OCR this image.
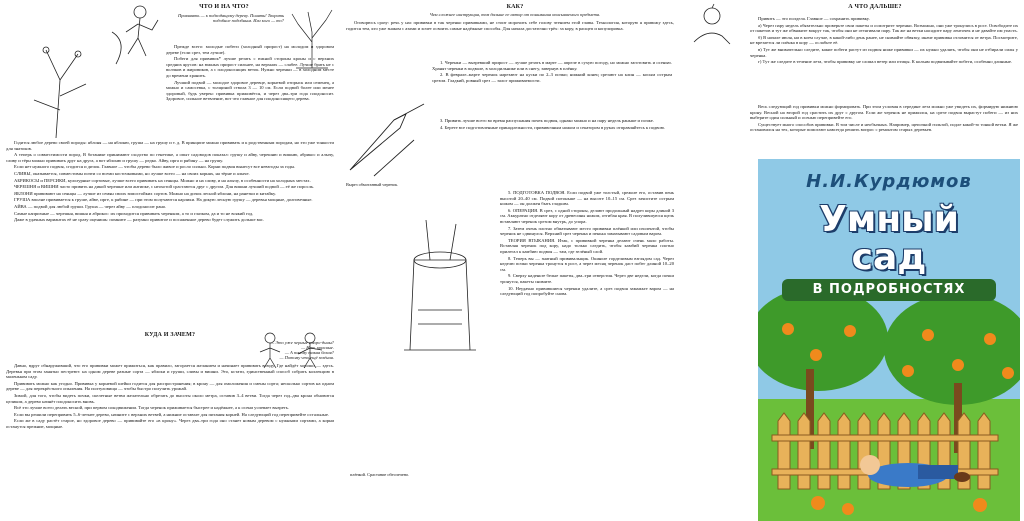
ЧТО И НА ЧТО?
Прививать — к подходящему дереву. Понять! Творить подобное подобным. Или кого — то?

Прежде всего: молодые побеги (холодный прирост) на молодом и здоровом дереве (если срез, тем лучше).

Побеги для прививок* лучше резать с южной стороны кроны и с верхних средних ярусов: на южных прирост сильнее, на верхних — слабее. Лучше брать не с волчков и жировиков, а с плодоносящих веток. Нужно черенки — в холодном месте до времени хранить.

Лучший подвой — молодое здоровое деревце, корневой отпрыск или семенец, а можно и самосевка, с толщиной ствола 3 — 10 см. Если подвой более или менее здоровый, будь уверен: прививка приживётся, и через два–три года плодоносит. Здоровое, сильное ветвление, вот что главное для плодоносящего дерева.

Годится любое дерево своей породы: яблоня — на яблоню, груша — на грушу и т. д. В принципе можно прививать и к родственным породам, но это уже тонкости для знатоков.

А теперь о совместимости пород. В ботанике принимают сходство по генетике, а опыт садоводов показал: грушу и айву, черешню и вишню, абрикос и алычу, сливу и тёрн можно прививать друг на друга, а вот яблоню и грушу — редко. Айву, ирга и рябину — на грушу.

Если нет нужного подвоя, сгодится и дичок. Главное — чтобы дерево было живое и росло сильно. Корни подвоя вынесут все невзгоды за годы.

СЛИВЫ, оказывается, совместимы почти со всеми косточковыми, но лучше всего — на своих корнях, на тёрне и алыче.

АБРИКОСЫ и ПЕРСИКИ, культурные сортовые, лучше всего прививать на сеянцы. Можно и на сливу, и на алычу, в особенности на холодных местах.

ЧЕРЕШНЯ и ВИШНИ часто привить на дикой черешне или антипке, с неохотой срастаются друг с другом. Для вишни лучший подвой — её же поросль.

ЯБЛОНИ прививают на сеянцы — лучше из семян своих зимостойких сортов. Можно на дичок лесной яблони, на ранетки и китайку.

ГРУША вполне прививается к груше, айве, иргe, к рябине — при этом получаются карлики. На дикую лесную грушу — деревья мощные, долговечные.

АЙВА — подвой для любой груши. Груша — через айву — плодоносит рано.

Самые капризные — черешня, вишня и абрикос: их приходится прививать черенком, а то и глазком, да и то не всякий год.

Даже в удачных вариантах её не сразу оценишь: помните — разумно привитое и посаженное дерево будет служить дольше вас.

КУДА И ЗАЧЕМ?
— Это уже черные сморо-дины?
— Нет, красные.
— А почему такая белая?
— Потому что ещё зелёная.

Давно, вдруг обнаруживший, что его прививки может прижиться, как правило, загорается желанием и начинает прививать всюду. Где найдёт хорошо — здесь. Деревья при этом занятно пестреют: на одном дереве разные сорта — яблоки и груши, сливы и вишни. Это, кстати, единственный способ собрать коллекцию в маленьком саду.

Прививать можно как угодно. Прививка у корневой шейки годится для распространения; в крону — для омоложения и смены сорта; несколько сортов на одном дереве — для перекрёстного опыления. На полтуловища — чтобы быстро получить урожай.

Зимой, для того, чтобы видеть почки, скелетные ветви желательно обрезать до высоты около метра, оставив 3–4 ветви. Тогда через год–два крона обновится целиком, а дерево начнёт плодоносить вновь.

Всё это лучше всего делать весной, при первом сокодвижении. Тогда черенок приживается быстрее и надёжнее, а к осени успевает вызреть.

Если вы решили перепривить 5–6-летнее дерево, начните с верхних ветвей, а нижние оставьте для питания корней. На следующий год перепривейте остальные.

Если же в саду растёт старое, но здоровое дерево — прививайте его «в крону». Через два–три года оно станет новым деревом с нужными сортами, а корни останутся прежние, мощные.

КАК?
Чем сложнее инструкция, тем дальше ее автор от понимания описываемого предмета.

Оговорюсь сразу: речь у нас прививки в так черенко прививками, не стоит морочить себе голову чтением этой главы. Технология, которую я привожу здесь, годится тем, кто уже знаком с азами и хочет освоить самые надёжные способы. Для начала достаточно трёх: за кору, в расщеп и копулировка.

1. Черенки — вызревший прирост — лучше резать в марте — апреле в сухую погоду, но можно заготовить и осенью. Хранят черенки в подвале, в холодильнике или в снегу, завернув в плёнку.

2. В феврале–марте черенок нарезают на куски по 2–3 почки; нижний конец срезают на клин — косым острым срезом. Гладкий, ровный срез — залог приживаемости.

Вырез обмотанный черенок.

3. Привить лучше всего во время распускания почек подвоя, однако можно и на пару недель раньше и позже.

4. Берете все подготовленные принадлежности, прививочным ножом и секатором в руках отправляйтесь к подвою.

плёнкой. Срастание обеспечено.

5. ПОДГОТОВКА ПОДВОЯ. Если подвой уже толстый, срежьте его, оставив пень высотой 20–40 см. Подвой потоньше — на высоте 10–15 см. Срез зачистите острым ножом — он должен быть гладким.

6. ОПЕРАЦИЯ. В срез, с одной стороны, делают продольный надрез коры длиной 3 см. Аккуратно отделяют кору от древесины ножом, отгибая края. В получившуюся щель вставляют черенок срезом внутрь, до упора.

7. Затем очень плотно обматывают место прививки плёнкой или изолентой, чтобы черенок не сдвинулся. Верхний срез черенка и пенька замазывают садовым варом.

ТЕОРИЯ ВТЫКАНИЯ. Итак, с прививкой черенка делают очень мало работы. Вставляя черенок под кору, надо только следить, чтобы камбий черенка плотно прилегал к камбию подвоя — там, где зелёный слой.

8. Теперь вы — знатный прививальщик. Окиньте горделивым взглядом сад. Через неделю почки черенка тронутся в рост, а через месяц черенок даст побег длиной 10–20 см.

9. Сверху наденьте белые пакеты, два–три отверстия. Через две недели, когда почки тронутся, пакеты снимите.

10. Неудачно привившиеся черенки удалите, а срез подвоя замажьте варом — на следующий год попробуйте снова.

А ЧТО ДАЛЬШЕ?

Привить — это полдела. Главное — сохранить прививку.

а) Через пару недель обязательно проверьте свои пакеты и осмотрите черенки. Возможно, они уже тронулись в рост. Освободите их от пакетов и тут же обвяжите вокруг так, чтобы они не оттягивали пару. Так же на ветки насадите пару ленточек и не давайте им упасть.

б) В начале июля, ни в коем случае, в какой-либо день ранее, не снимайте обвязку, иначе прививка отломится от ветра. Посмотрите, не врезается ли плёнка в кору — ослабьте её.

в) Тут же внимательно следите, какие побеги растут из подвоя ниже прививки — их нужно удалять, чтобы они не отбирали силы у черенка.

г) Тут же следите в течение лета, чтобы прививку не сломал ветер или птицы. К кольям подвязывайте побеги, особенно длинные.

Весь следующий год прививки можно формировать. При этом условия в середине лета можно уже увидеть их, формирую нижнюю крону. Весной на второй год срастить их друг с другом. Если же черенок не прижился, на срезе подвоя вырастут побеги — из них выберите один сильный и осенью перепривейте его.

Существует много способов прививки. В том числе и необычных. Например, щепочной гильзой, подле какой-то тонкой ветки. Я же остановился на тех, которые помогают навсегда решить вопрос с ремонтом старых деревьев.

Н.И.Курдюмов
Умный
сад
В ПОДРОБНОСТЯХ
